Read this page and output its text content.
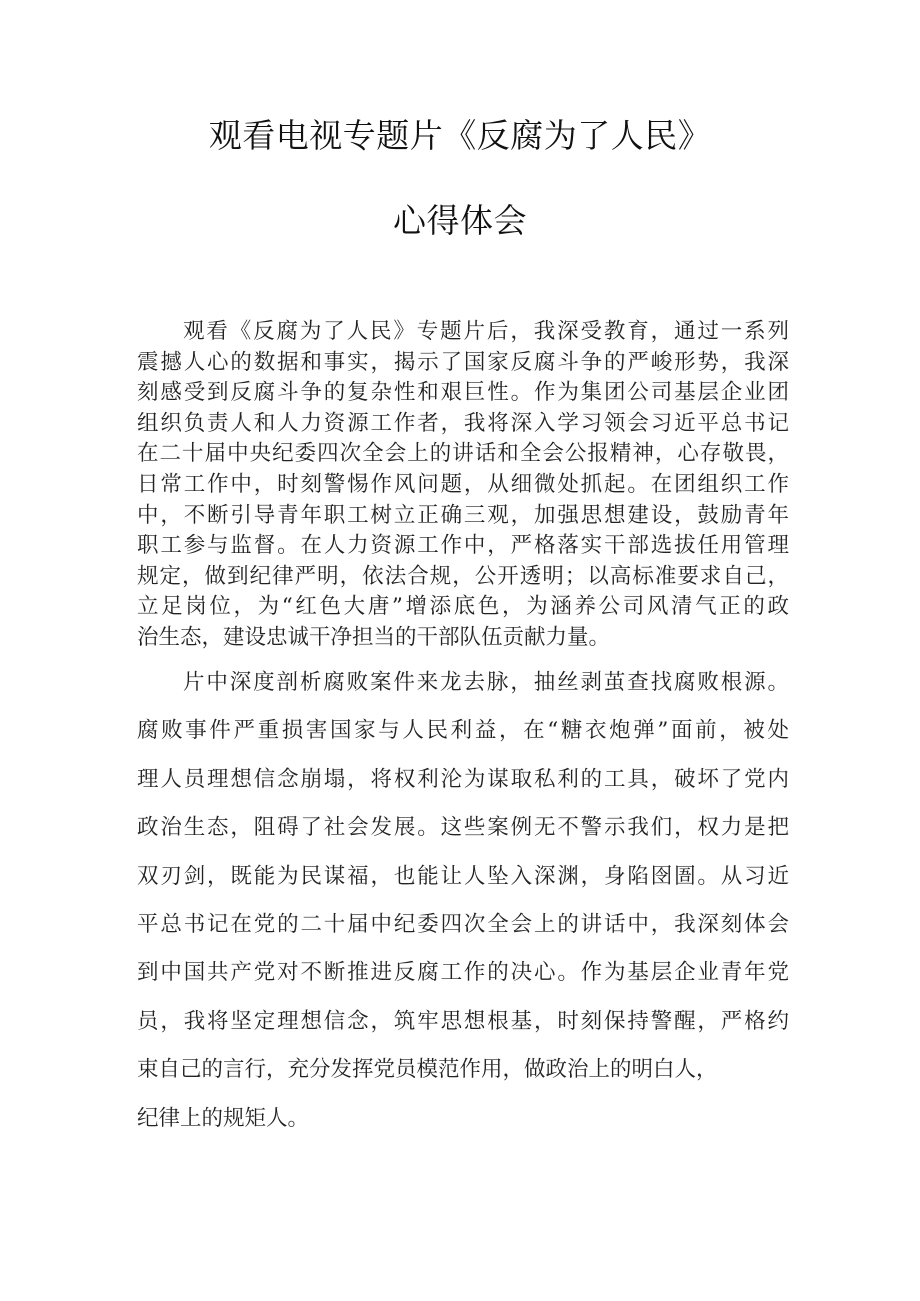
观看电视专题片《反腐为了人民》
心得体会
观看《反腐为了人民》专题片后，我深受教育，通过一系列
震撼人心的数据和事实，揭示了国家反腐斗争的严峻形势，我深
刻感受到反腐斗争的复杂性和艰巨性。作为集团公司基层企业团
组织负责人和人力资源工作者，我将深入学习领会习近平总书记
在二十届中央纪委四次全会上的讲话和全会公报精神，心存敬畏，
日常工作中，时刻警惕作风问题，从细微处抓起。在团组织工作
中，不断引导青年职工树立正确三观，加强思想建设，鼓励青年
职工参与监督。在人力资源工作中，严格落实干部选拔任用管理
规定，做到纪律严明，依法合规，公开透明；以高标准要求自己，
立足岗位，为“红色大唐”增添底色，为涵养公司风清气正的政
治生态，建设忠诚干净担当的干部队伍贡献力量。
片中深度剖析腐败案件来龙去脉，抽丝剥茧查找腐败根源。
腐败事件严重损害国家与人民利益，在“糖衣炮弹”面前，被处
理人员理想信念崩塌，将权利沦为谋取私利的工具，破坏了党内
政治生态，阻碍了社会发展。这些案例无不警示我们，权力是把
双刃剑，既能为民谋福，也能让人坠入深渊，身陷囹圄。从习近
平总书记在党的二十届中纪委四次全会上的讲话中，我深刻体会
到中国共产党对不断推进反腐工作的决心。作为基层企业青年党
员，我将坚定理想信念，筑牢思想根基，时刻保持警醒，严格约
束自己的言行，充分发挥党员模范作用，做政治上的明白人，
纪律上的规矩人。
